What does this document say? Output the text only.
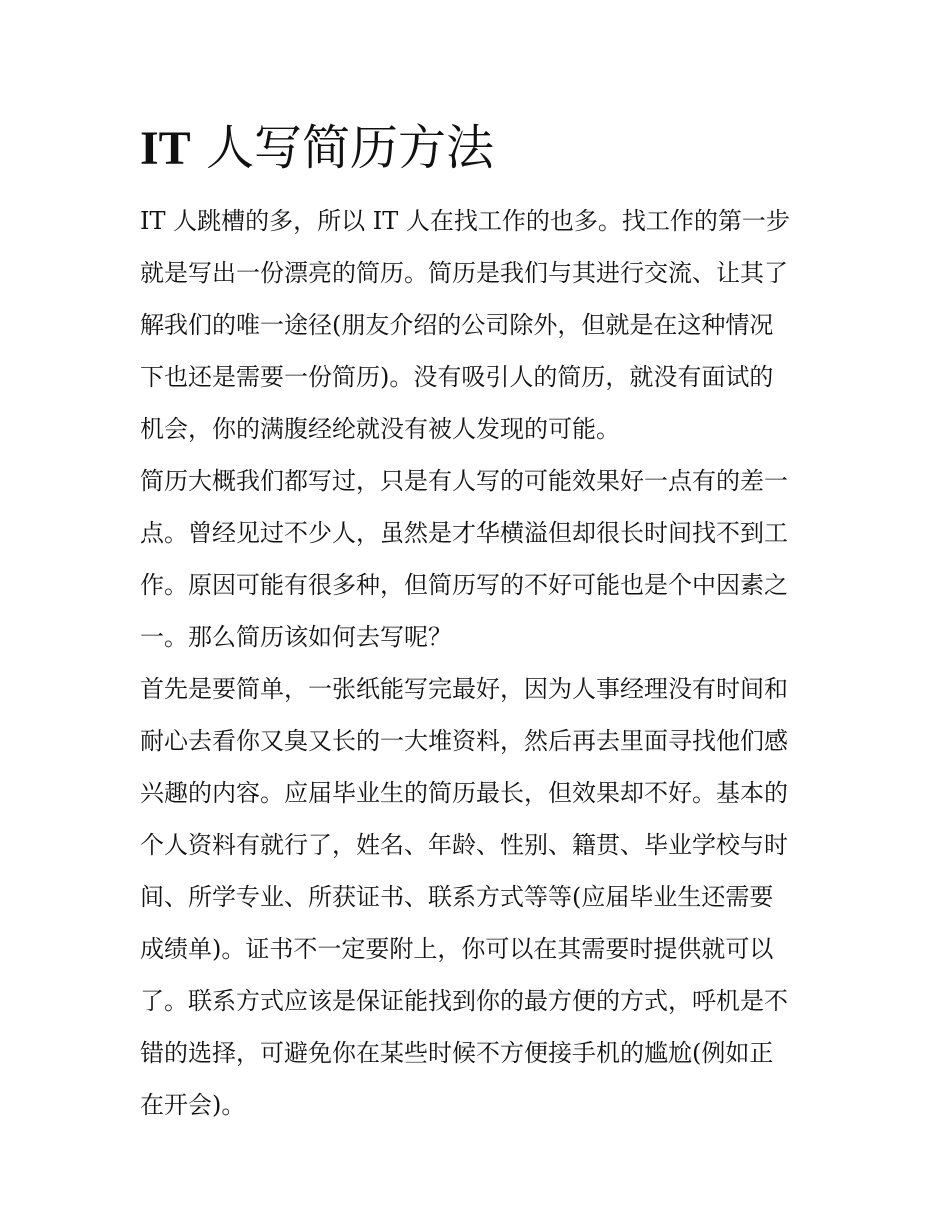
IT 人写简历方法

IT 人跳槽的多，所以 IT 人在找工作的也多。找工作的第一步
就是写出一份漂亮的简历。简历是我们与其进行交流、让其了
解我们的唯一途径(朋友介绍的公司除外，但就是在这种情况
下也还是需要一份简历)。没有吸引人的简历，就没有面试的
机会，你的满腹经纶就没有被人发现的可能。

简历大概我们都写过，只是有人写的可能效果好一点有的差一
点。曾经见过不少人，虽然是才华横溢但却很长时间找不到工
作。原因可能有很多种，但简历写的不好可能也是个中因素之
一。那么简历该如何去写呢？

首先是要简单，一张纸能写完最好，因为人事经理没有时间和
耐心去看你又臭又长的一大堆资料，然后再去里面寻找他们感
兴趣的内容。应届毕业生的简历最长，但效果却不好。基本的
个人资料有就行了，姓名、年龄、性别、籍贯、毕业学校与时
间、所学专业、所获证书、联系方式等等(应届毕业生还需要
成绩单)。证书不一定要附上，你可以在其需要时提供就可以
了。联系方式应该是保证能找到你的最方便的方式，呼机是不
错的选择，可避免你在某些时候不方便接手机的尴尬(例如正
在开会)。
